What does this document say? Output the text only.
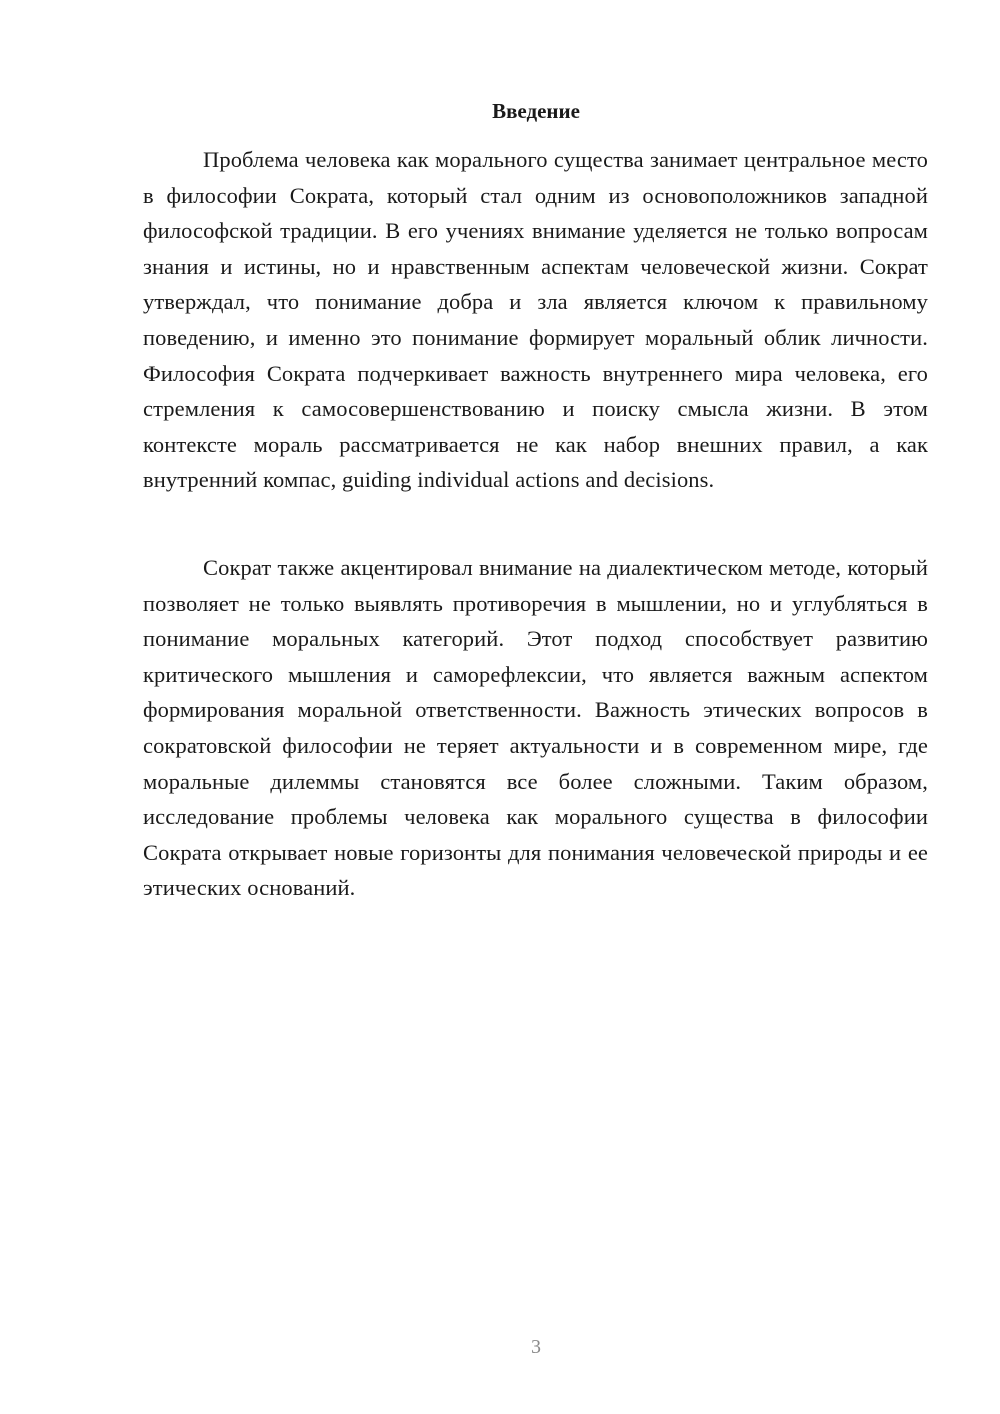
Введение

Проблема человека как морального существа занимает центральное место в философии Сократа, который стал одним из основоположников западной философской традиции. В его учениях внимание уделяется не только вопросам знания и истины, но и нравственным аспектам человеческой жизни. Сократ утверждал, что понимание добра и зла является ключом к правильному поведению, и именно это понимание формирует моральный облик личности. Философия Сократа подчеркивает важность внутреннего мира человека, его стремления к самосовершенствованию и поиску смысла жизни. В этом контексте мораль рассматривается не как набор внешних правил, а как внутренний компас, guiding individual actions and decisions.

Сократ также акцентировал внимание на диалектическом методе, который позволяет не только выявлять противоречия в мышлении, но и углубляться в понимание моральных категорий. Этот подход способствует развитию критического мышления и саморефлексии, что является важным аспектом формирования моральной ответственности. Важность этических вопросов в сократовской философии не теряет актуальности и в современном мире, где моральные дилеммы становятся все более сложными. Таким образом, исследование проблемы человека как морального существа в философии Сократа открывает новые горизонты для понимания человеческой природы и ее этических оснований.

3
